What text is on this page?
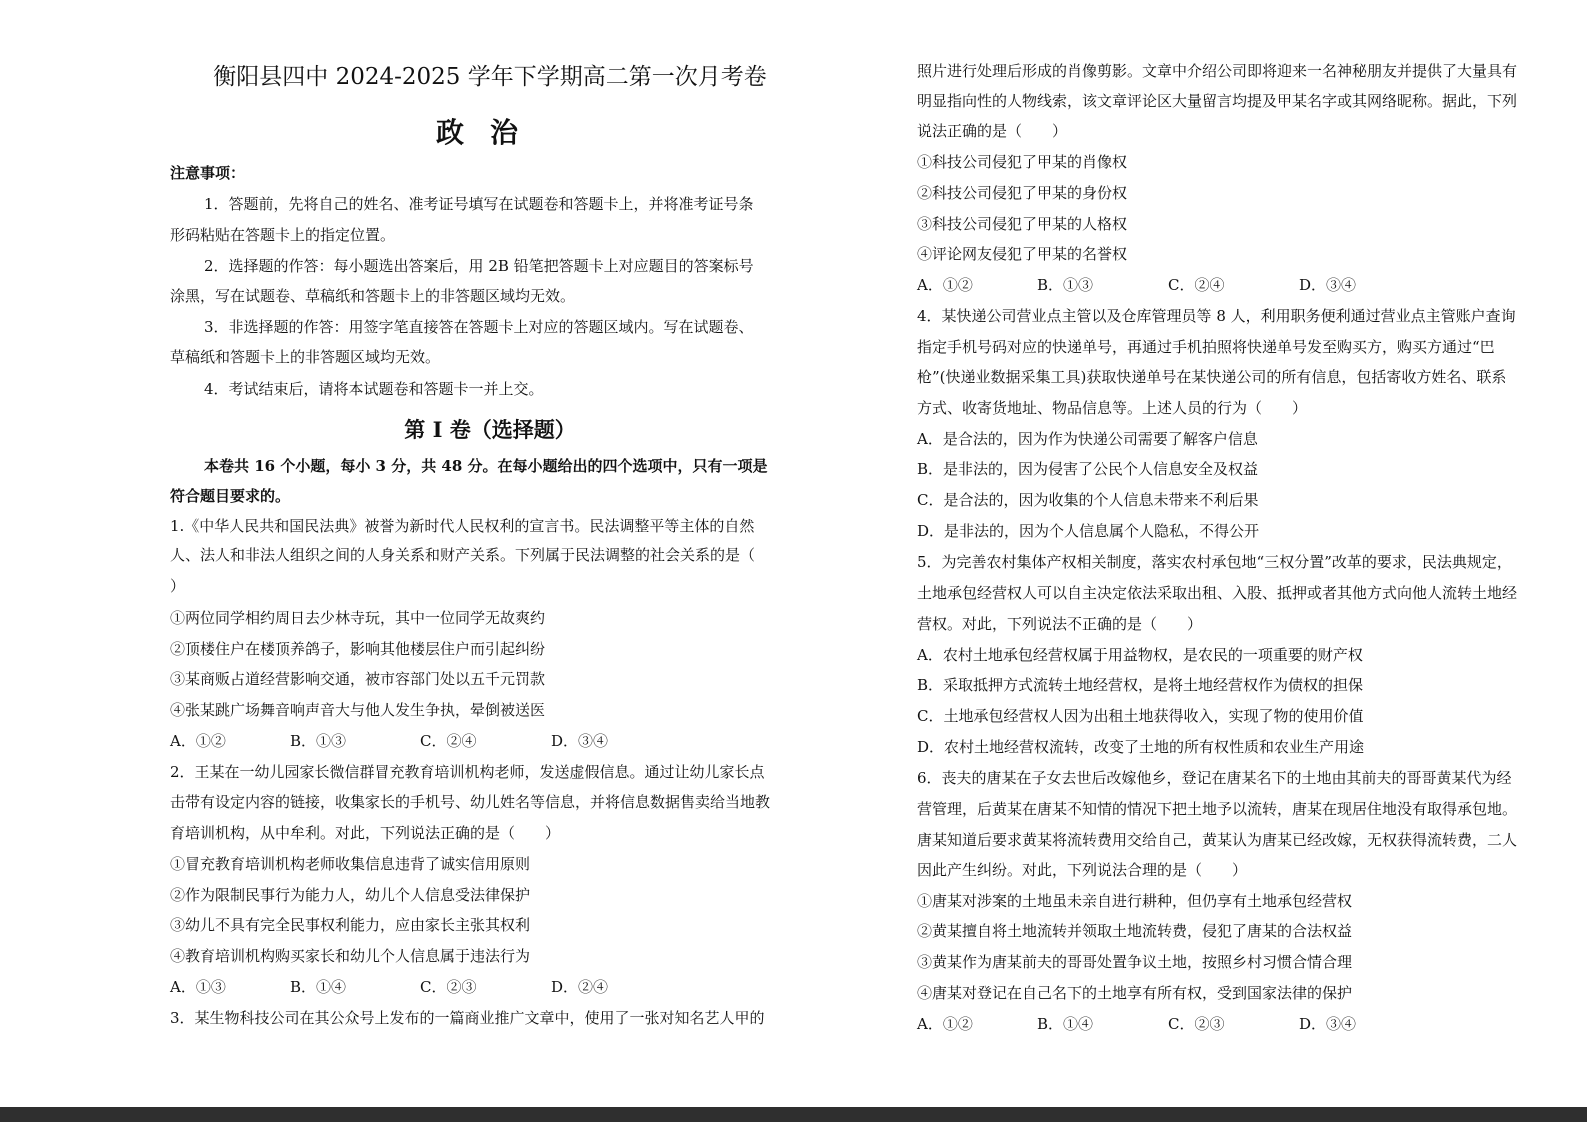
衡阳县四中 2024-2025 学年下学期高二第一次月考卷
政治
注意事项：
1．答题前，先将自己的姓名、准考证号填写在试题卷和答题卡上，并将准考证号条
形码粘贴在答题卡上的指定位置。
2．选择题的作答：每小题选出答案后，用 2B 铅笔把答题卡上对应题目的答案标号
涂黑，写在试题卷、草稿纸和答题卡上的非答题区域均无效。
3．非选择题的作答：用签字笔直接答在答题卡上对应的答题区域内。写在试题卷、
草稿纸和答题卡上的非答题区域均无效。
4．考试结束后，请将本试题卷和答题卡一并上交。
第 I 卷（选择题）
本卷共 16 个小题，每小 3 分，共 48 分。在每小题给出的四个选项中，只有一项是
符合题目要求的。
1.《中华人民共和国民法典》被誉为新时代人民权利的宣言书。民法调整平等主体的自然
人、法人和非法人组织之间的人身关系和财产关系。下列属于民法调整的社会关系的是（
）
①两位同学相约周日去少林寺玩，其中一位同学无故爽约
②顶楼住户在楼顶养鸽子，影响其他楼层住户而引起纠纷
③某商贩占道经营影响交通，被市容部门处以五千元罚款
④张某跳广场舞音响声音大与他人发生争执，晕倒被送医
A．①②	B．①③	C．②④	D．③④
2．王某在一幼儿园家长微信群冒充教育培训机构老师，发送虚假信息。通过让幼儿家长点
击带有设定内容的链接，收集家长的手机号、幼儿姓名等信息，并将信息数据售卖给当地教
育培训机构，从中牟利。对此，下列说法正确的是（　　）
①冒充教育培训机构老师收集信息违背了诚实信用原则
②作为限制民事行为能力人，幼儿个人信息受法律保护
③幼儿不具有完全民事权利能力，应由家长主张其权利
④教育培训机构购买家长和幼儿个人信息属于违法行为
A．①③	B．①④	C．②③	D．②④
3．某生物科技公司在其公众号上发布的一篇商业推广文章中，使用了一张对知名艺人甲的
照片进行处理后形成的肖像剪影。文章中介绍公司即将迎来一名神秘朋友并提供了大量具有
明显指向性的人物线索，该文章评论区大量留言均提及甲某名字或其网络昵称。据此，下列
说法正确的是（　　）
①科技公司侵犯了甲某的肖像权
②科技公司侵犯了甲某的身份权
③科技公司侵犯了甲某的人格权
④评论网友侵犯了甲某的名誉权
A．①②	B．①③	C．②④	D．③④
4．某快递公司营业点主管以及仓库管理员等 8 人，利用职务便利通过营业点主管账户查询
指定手机号码对应的快递单号，再通过手机拍照将快递单号发至购买方，购买方通过“巴
枪”(快递业数据采集工具)获取快递单号在某快递公司的所有信息，包括寄收方姓名、联系
方式、收寄货地址、物品信息等。上述人员的行为（　　）
A．是合法的，因为作为快递公司需要了解客户信息
B．是非法的，因为侵害了公民个人信息安全及权益
C．是合法的，因为收集的个人信息未带来不利后果
D．是非法的，因为个人信息属个人隐私，不得公开
5．为完善农村集体产权相关制度，落实农村承包地“三权分置”改革的要求，民法典规定，
土地承包经营权人可以自主决定依法采取出租、入股、抵押或者其他方式向他人流转土地经
营权。对此，下列说法不正确的是（　　）
A．农村土地承包经营权属于用益物权，是农民的一项重要的财产权
B．采取抵押方式流转土地经营权，是将土地经营权作为债权的担保
C．土地承包经营权人因为出租土地获得收入，实现了物的使用价值
D．农村土地经营权流转，改变了土地的所有权性质和农业生产用途
6．丧夫的唐某在子女去世后改嫁他乡，登记在唐某名下的土地由其前夫的哥哥黄某代为经
营管理，后黄某在唐某不知情的情况下把土地予以流转，唐某在现居住地没有取得承包地。
唐某知道后要求黄某将流转费用交给自己，黄某认为唐某已经改嫁，无权获得流转费，二人
因此产生纠纷。对此，下列说法合理的是（　　）
①唐某对涉案的土地虽未亲自进行耕种，但仍享有土地承包经营权
②黄某擅自将土地流转并领取土地流转费，侵犯了唐某的合法权益
③黄某作为唐某前夫的哥哥处置争议土地，按照乡村习惯合情合理
④唐某对登记在自己名下的土地享有所有权，受到国家法律的保护
A．①②	B．①④	C．②③	D．③④
